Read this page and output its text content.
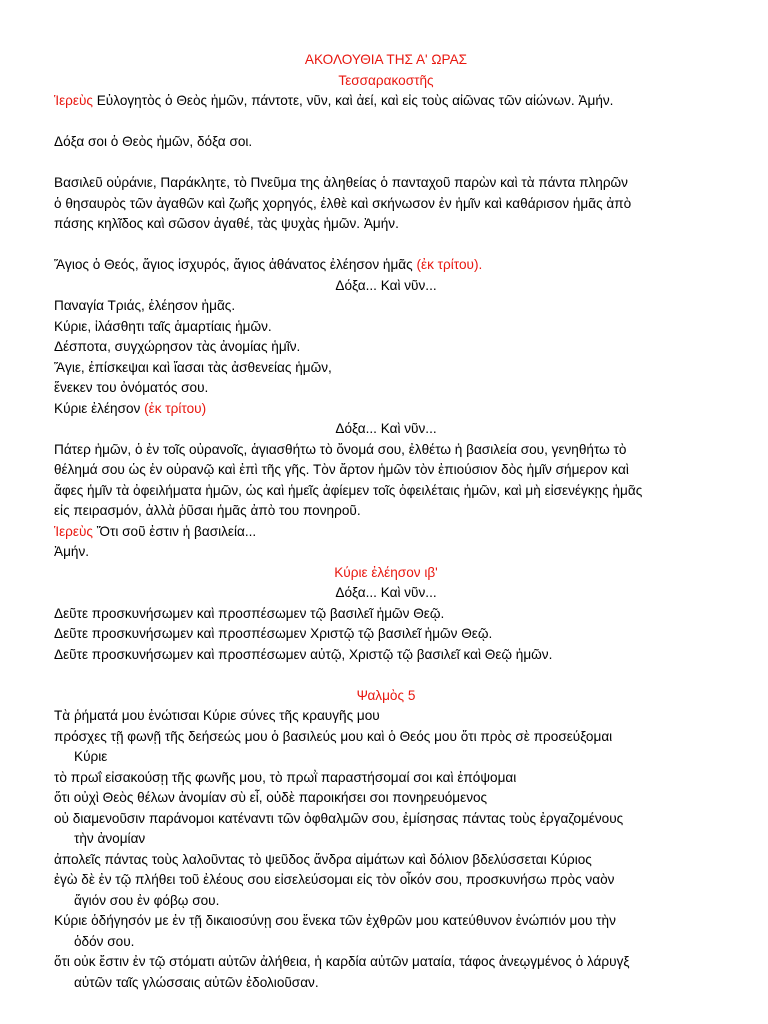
ΑΚΟΛΟΥΘΙΑ ΤΗΣ Α' ΩΡΑΣ

Τεσσαρακοστῆς

Ἱερεὺς Εὐλογητὸς ὁ Θεὸς ἡμῶν, πάντοτε, νῦν, καὶ ἀεί, καὶ εἰς τοὺς αἰῶνας τῶν αἰώνων. Ἀμήν.

Δόξα σοι ὁ Θεὸς ἡμῶν, δόξα σοι.

Βασιλεῦ οὐράνιε, Παράκλητε, τὸ Πνεῦμα της ἀληθείας ὁ πανταχοῦ παρὼν καὶ τὰ πάντα πληρῶν

ὁ θησαυρὸς τῶν ἀγαθῶν καὶ ζωῆς χορηγός, ἐλθὲ καὶ σκήνωσον ἐν ἡμῖν καὶ καθάρισον ἡμᾶς ἀπὸ

πάσης κηλῖδος καὶ σῶσον ἀγαθέ, τὰς ψυχὰς ἡμῶν. Ἀμήν.

Ἅγιος ὁ Θεός, ἅγιος ἰσχυρός, ἅγιος ἀθάνατος ἐλέησον ἡμᾶς (ἐκ τρίτου).

Δόξα... Καὶ νῦν...

Παναγία Τριάς, ἐλέησον ἡμᾶς.

Κύριε, ἱλάσθητι ταῖς ἁμαρτίαις ἡμῶν.

Δέσποτα, συγχώρησον τὰς ἀνομίας ἡμῖν.

Ἅγιε, ἐπίσκεψαι καὶ ἴασαι τὰς ἀσθενείας ἡμῶν,

ἕνεκεν του ὀνόματός σου.

Κύριε ἐλέησον (ἐκ τρίτου)

Δόξα... Καὶ νῦν...

Πάτερ ἡμῶν, ὁ ἐν τοῖς οὐρανοῖς, ἁγιασθήτω τὸ ὄνομά σου, ἐλθέτω ἡ βασιλεία σου, γενηθήτω τὸ

θέλημά σου ὡς ἐν οὐρανῷ καὶ ἐπὶ τῆς γῆς. Τὸν ἄρτον ἡμῶν τὸν ἐπιούσιον δὸς ἡμῖν σήμερον καὶ

ἄφες ἡμῖν τὰ ὀφειλήματα ἡμῶν, ὡς καὶ ἡμεῖς ἀφίεμεν τοῖς ὀφειλέταις ἡμῶν, καὶ μὴ εἰσενέγκῃς ἡμᾶς

εἰς πειρασμόν, ἀλλὰ ῥῦσαι ἡμᾶς ἀπὸ του πονηροῦ.

Ἱερεὺς Ὅτι σοῦ ἐστιν ἡ βασιλεία...

Ἀμήν.

Κύριε ἐλέησον ιβ'

Δόξα... Καὶ νῦν...

Δεῦτε προσκυνήσωμεν καὶ προσπέσωμεν τῷ βασιλεῖ ἡμῶν Θεῷ.

Δεῦτε προσκυνήσωμεν καὶ προσπέσωμεν Χριστῷ τῷ βασιλεῖ ἡμῶν Θεῷ.

Δεῦτε προσκυνήσωμεν καὶ προσπέσωμεν αὐτῷ, Χριστῷ τῷ βασιλεῖ καὶ Θεῷ ἡμῶν.

Ψαλμὸς 5

Τὰ ῥήματά μου ἐνώτισαι Κύριε σύνες τῆς κραυγῆς μου

πρόσχες τῇ φωνῇ τῆς δεήσεώς μου ὁ βασιλεύς μου καὶ ὁ Θεός μου ὅτι πρὸς σὲ προσεύξομαι
Κύριε

τὸ πρωΐ εἰσακούσῃ τῆς φωνῆς μου, τὸ πρωῒ παραστήσομαί σοι καὶ ἐπόψομαι

ὅτι οὐχὶ Θεὸς θέλων ἀνομίαν σὺ εἶ, οὐδὲ παροικήσει σοι πονηρευόμενος

οὐ διαμενοῦσιν παράνομοι κατέναντι τῶν ὀφθαλμῶν σου, ἐμίσησας πάντας τοὺς ἐργαζομένους
τὴν ἀνομίαν

ἀπολεῖς πάντας τοὺς λαλοῦντας τὸ ψεῦδος ἄνδρα αἱμάτων καὶ δόλιον βδελύσσεται Κύριος

ἐγὼ δὲ ἐν τῷ πλήθει τοῦ ἐλέους σου εἰσελεύσομαι εἰς τὸν οἶκόν σου, προσκυνήσω πρὸς ναὸν
ἅγιόν σου ἐν φόβῳ σου.

Κύριε ὁδήγησόν με ἐν τῇ δικαιοσύνῃ σου ἕνεκα τῶν ἐχθρῶν μου κατεύθυνον ἐνώπιόν μου τὴν
ὁδόν σου.

ὅτι οὐκ ἔστιν ἐν τῷ στόματι αὐτῶν ἀλήθεια, ἡ καρδία αὐτῶν ματαία, τάφος ἀνεῳγμένος ὁ λάρυγξ
αὐτῶν ταῖς γλώσσαις αὐτῶν ἐδολιοῦσαν.
